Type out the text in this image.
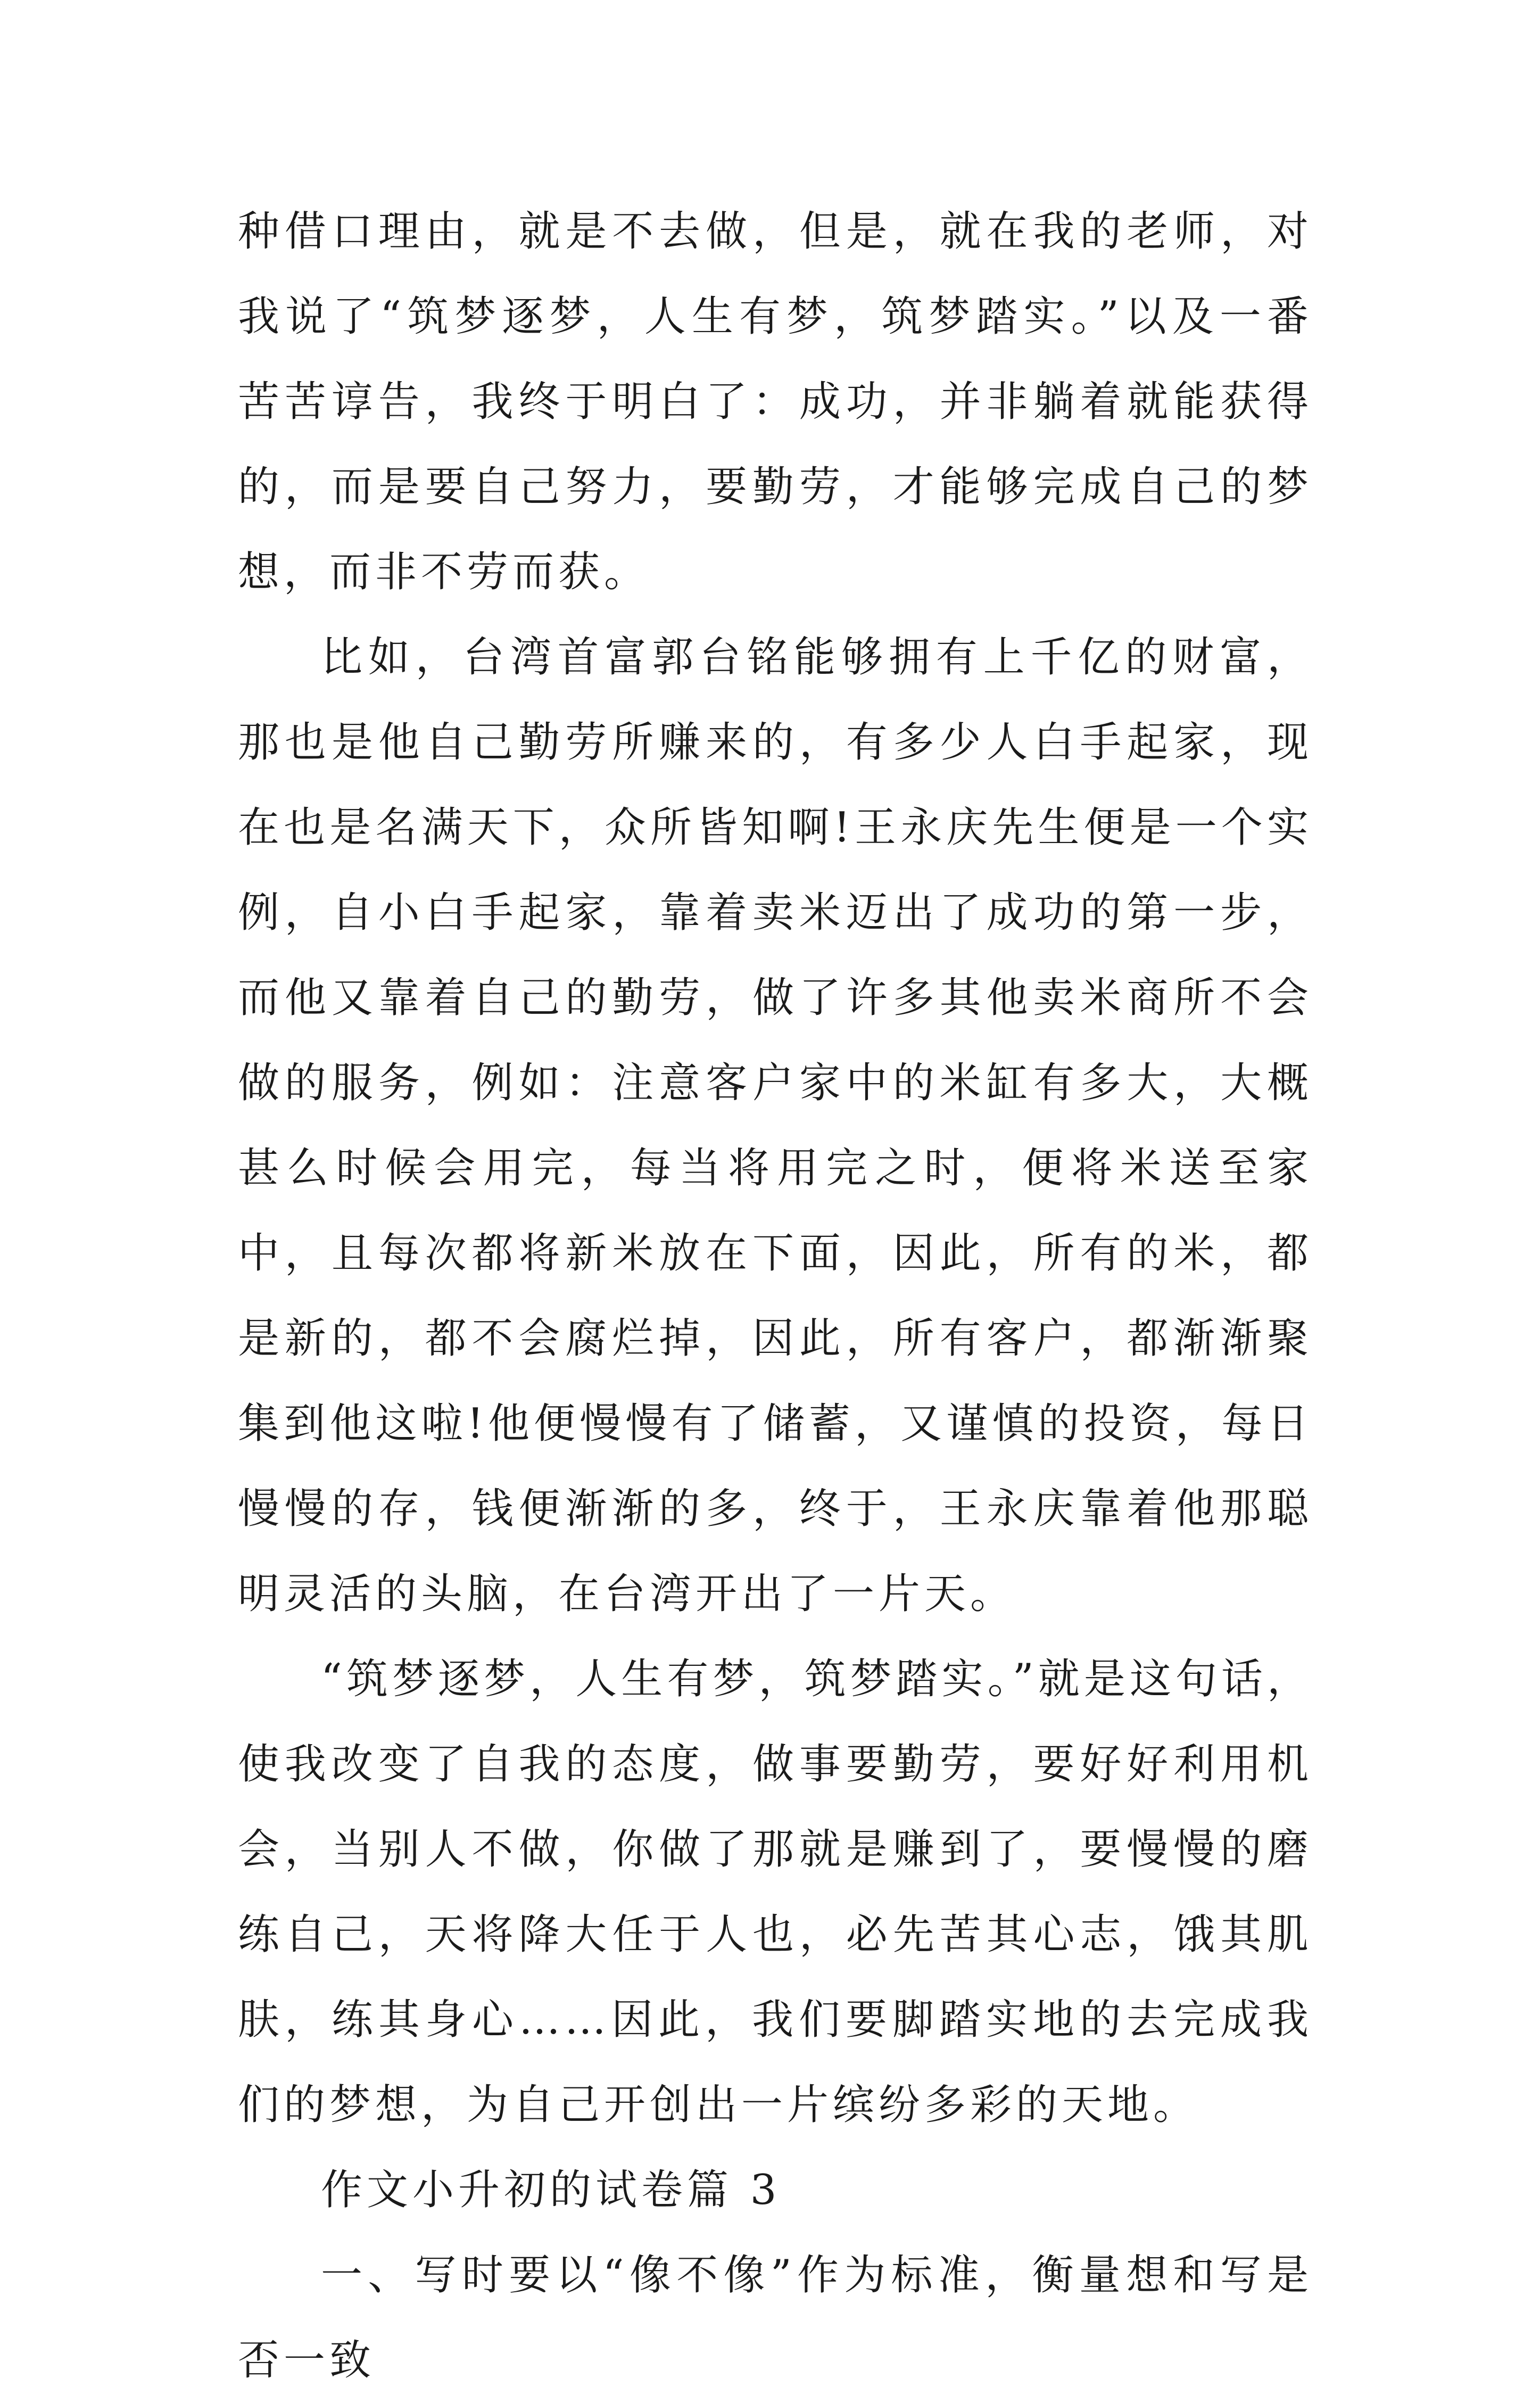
种借口理由，就是不去做，但是，就在我的老师，对我说了“筑梦逐梦，人生有梦，筑梦踏实。”以及一番苦苦谆告，我终于明白了：成功，并非躺着就能获得的，而是要自己努力，要勤劳，才能够完成自己的梦想，而非不劳而获。

比如，台湾首富郭台铭能够拥有上千亿的财富，那也是他自己勤劳所赚来的，有多少人白手起家，现在也是名满天下，众所皆知啊!王永庆先生便是一个实例，自小白手起家，靠着卖米迈出了成功的第一步，而他又靠着自己的勤劳，做了许多其他卖米商所不会做的服务，例如：注意客户家中的米缸有多大，大概甚么时候会用完，每当将用完之时，便将米送至家中，且每次都将新米放在下面，因此，所有的米，都是新的，都不会腐烂掉，因此，所有客户，都渐渐聚集到他这啦!他便慢慢有了储蓄，又谨慎的投资，每日慢慢的存，钱便渐渐的多，终于，王永庆靠着他那聪明灵活的头脑，在台湾开出了一片天。

“筑梦逐梦，人生有梦，筑梦踏实。”就是这句话，使我改变了自我的态度，做事要勤劳，要好好利用机会，当别人不做，你做了那就是赚到了，要慢慢的磨练自己，天将降大任于人也，必先苦其心志，饿其肌肤，练其身心……因此，我们要脚踏实地的去完成我们的梦想，为自己开创出一片缤纷多彩的天地。

作文小升初的试卷篇 3

一、写时要以“像不像”作为标准，衡量想和写是否一致
